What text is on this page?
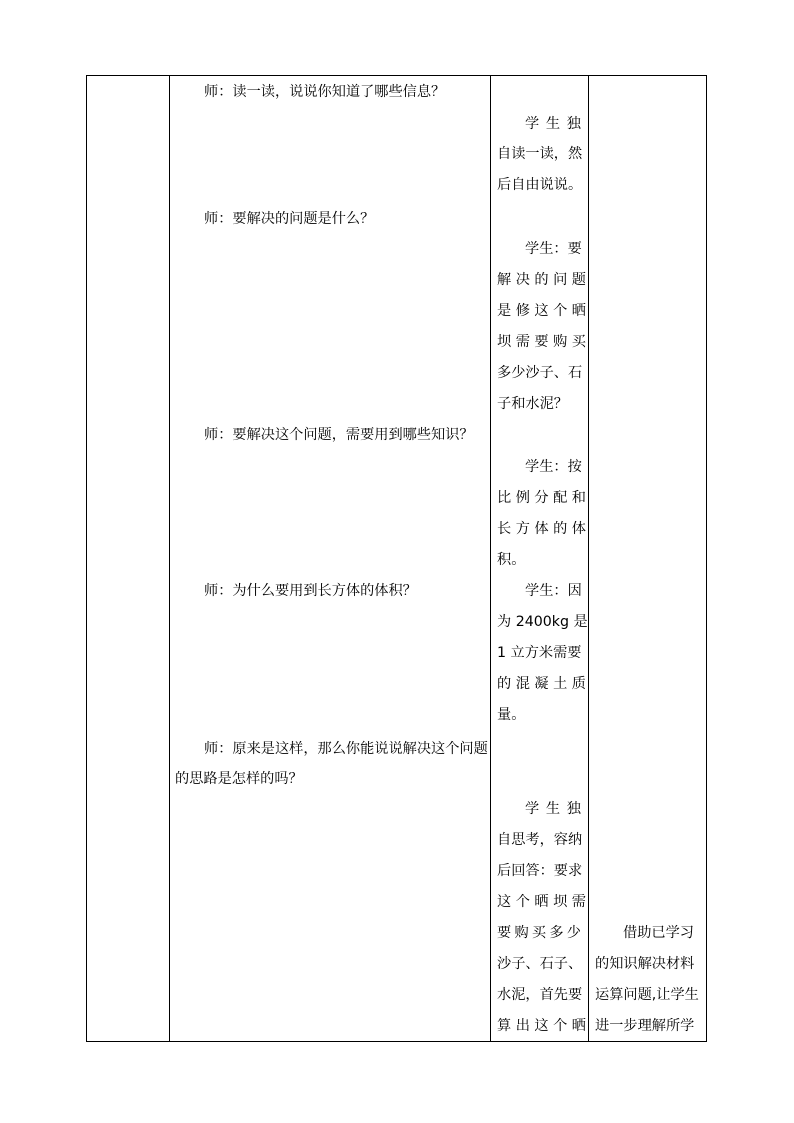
师：读一读，说说你知道了哪些信息？
师：要解决的问题是什么？
师：要解决这个问题，需要用到哪些知识？
师：为什么要用到长方体的体积？
师：原来是这样，那么你能说说解决这个问题
的思路是怎样的吗？
学 生 独
自读一读，然
后自由说说。
学生：要
解 决 的 问 题
是 修 这 个 晒
坝 需 要 购 买
多少沙子、石
子和水泥？
学生：按
比 例 分 配 和
长 方 体 的 体
积。
学生：因
为 2400kg 是
1 立方米需要
的 混 凝 土 质
量。
学 生 独
自思考，容纳
后回答：要求
这 个 晒 坝 需
要购买多少
沙子、石子、
水泥，首先要
算 出 这 个 晒
借助已学习
的知识解决材料
运算问题,让学生
进一步理解所学
